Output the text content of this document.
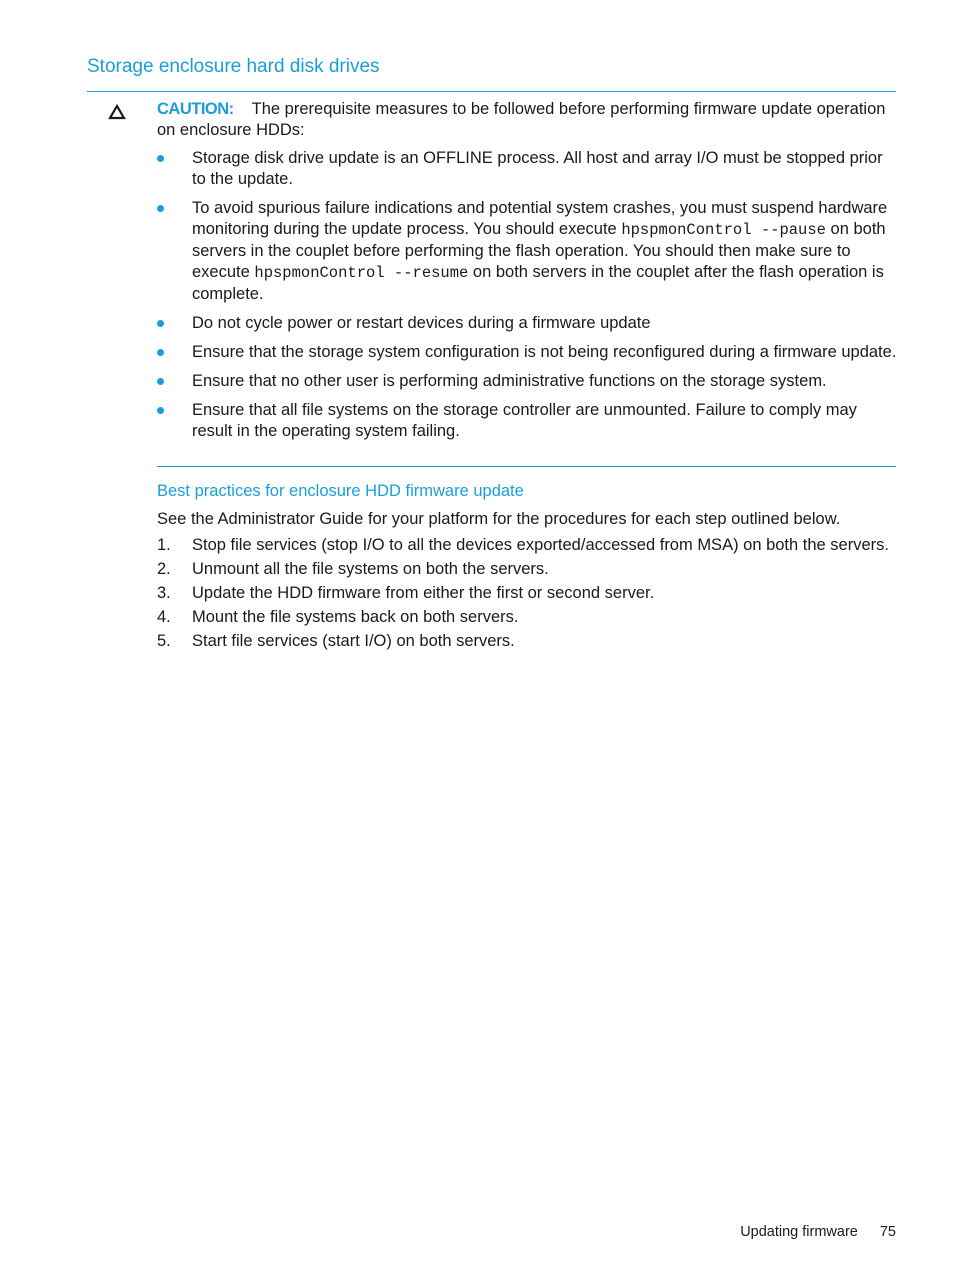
Storage enclosure hard disk drives

CAUTION: The prerequisite measures to be followed before performing firmware update operation on enclosure HDDs:

Storage disk drive update is an OFFLINE process. All host and array I/O must be stopped prior to the update.
To avoid spurious failure indications and potential system crashes, you must suspend hardware monitoring during the update process. You should execute hpspmonControl --pause on both servers in the couplet before performing the flash operation. You should then make sure to execute hpspmonControl --resume on both servers in the couplet after the flash operation is complete.
Do not cycle power or restart devices during a firmware update
Ensure that the storage system configuration is not being reconfigured during a firmware update.
Ensure that no other user is performing administrative functions on the storage system.
Ensure that all file systems on the storage controller are unmounted. Failure to comply may result in the operating system failing.
Best practices for enclosure HDD firmware update

See the Administrator Guide for your platform for the procedures for each step outlined below.

1. Stop file services (stop I/O to all the devices exported/accessed from MSA) on both the servers.
2. Unmount all the file systems on both the servers.
3. Update the HDD firmware from either the first or second server.
4. Mount the file systems back on both servers.
5. Start file services (start I/O) on both servers.
Updating firmware 75
